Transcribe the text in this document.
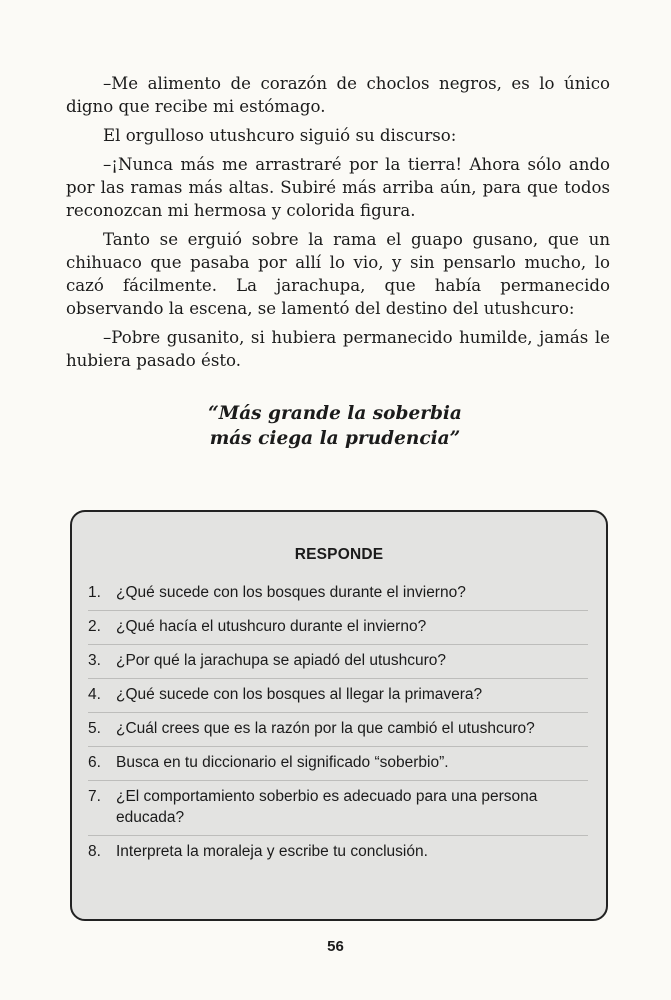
–Me alimento de corazón de choclos negros, es lo único digno que recibe mi estómago.

El orgulloso utushcuro siguió su discurso:

–¡Nunca más me arrastraré por la tierra! Ahora sólo ando por las ramas más altas. Subiré más arriba aún, para que todos reconozcan mi hermosa y colorida figura.

Tanto se erguió sobre la rama el guapo gusano, que un chihuaco que pasaba por allí lo vio, y sin pensarlo mucho, lo cazó fácilmente. La jarachupa, que había permanecido observando la escena, se lamentó del destino del utushcuro:

–Pobre gusanito, si hubiera permanecido humilde, jamás le hubiera pasado ésto.

“Más grande la soberbia
más ciega la prudencia”
RESPONDE
1. ¿Qué sucede con los bosques durante el invierno?
2. ¿Qué hacía el utushcuro durante el invierno?
3. ¿Por qué la jarachupa se apiadó del utushcuro?
4. ¿Qué sucede con los bosques al llegar la primavera?
5. ¿Cuál crees que es la razón por la que cambió el utushcuro?
6. Busca en tu diccionario el significado “soberbio”.
7. ¿El comportamiento soberbio es adecuado para una persona educada?
8. Interpreta la moraleja y escribe tu conclusión.
56
